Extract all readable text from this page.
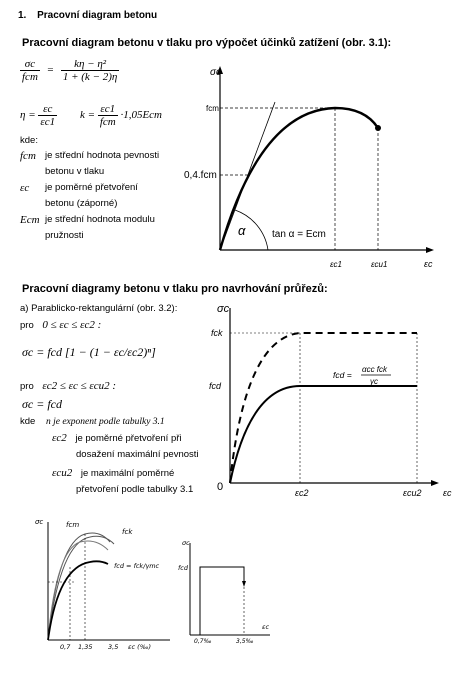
1. Pracovní diagram betonu
Pracovní diagram betonu v tlaku pro výpočet účinků zatížení (obr. 3.1):
$\frac{\sigma c}{\text{fcm}} = \frac{\text{kη − η²}}{1 + (k - 2)\eta}$
$\eta = \frac{\varepsilon c}{\varepsilon c1}$ $k = \frac{\varepsilon c1}{\text{fcm}} \cdot 1,05Ecm$
kde:
fcm je střední hodnota pevnosti
betonu v tlaku
εc je poměrné přetvoření
betonu (záporné)
Ecm je střední hodnota modulu
pružnosti
σc
fcm
0,4.fcm
α	tan α = Ecm
εc1	εcu1	εc
Pracovní diagramy betonu v tlaku pro navrhování průřezů:
a) Parablicko-rektangulární (obr. 3.2):
pro 0 ≤ εc ≤ εc2 :
σc = fcd [1 − (1 − εc/εc2)ⁿ]
pro εc2 ≤ εc ≤ εcu2 :
σc = fcd
kde n je exponent podle tabulky 3.1
εc2 je poměrné přetvoření při
dosažení maximální pevnosti
εcu2 je maximální poměrné
přetvoření podle tabulky 3.1
σc
fck
fcd
0	εc2	εcu2 εc
fcd =
αcc fck
γc
σc	fcm
fck
fcd = fck/γmc
0,7 1,35 3,5 εc (‰)
σc
fcd
0,7‰	3,5‰
εc
